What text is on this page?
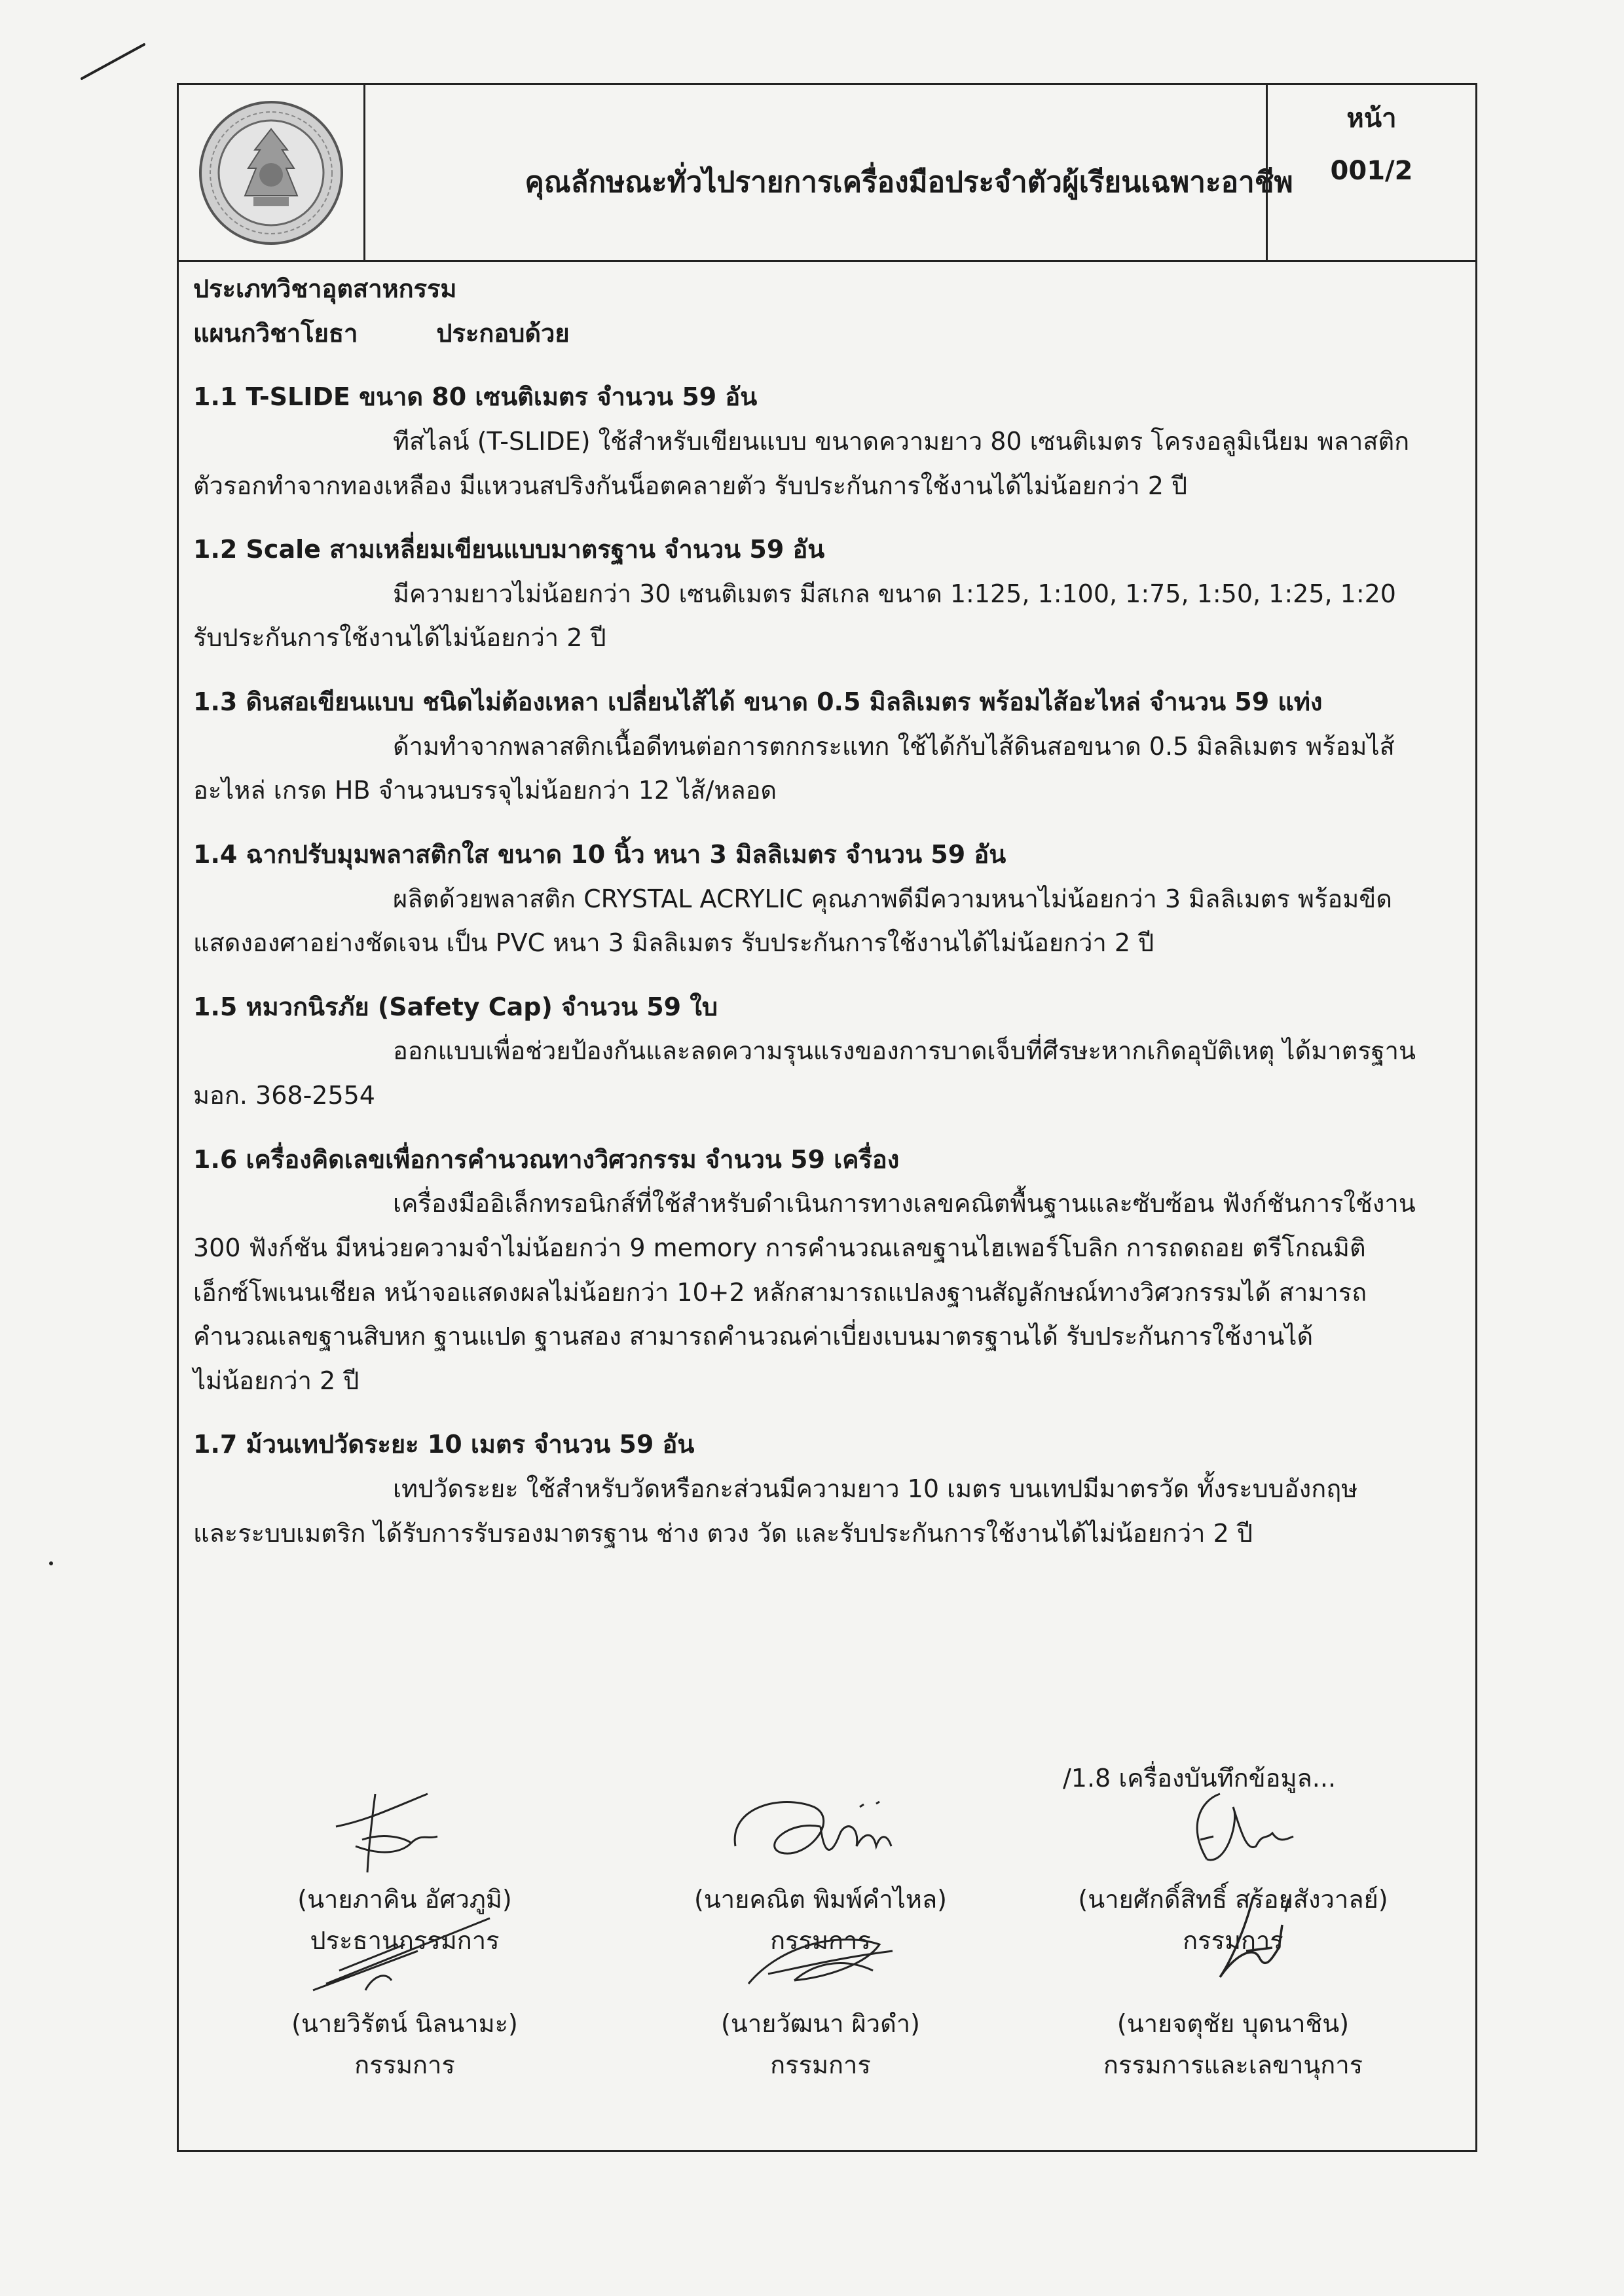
คุณลักษณะทั่วไปรายการเครื่องมือประจำตัวผู้เรียนเฉพาะอาชีพ
หน้า
001/2
ประเภทวิชาอุตสาหกรรม
แผนกวิชาโยธา	ประกอบด้วย
1.1 T-SLIDE ขนาด 80 เซนติเมตร จำนวน 59 อัน
ทีสไลน์ (T-SLIDE) ใช้สำหรับเขียนแบบ ขนาดความยาว 80 เซนติเมตร โครงอลูมิเนียม พลาสติก
ตัวรอกทำจากทองเหลือง มีแหวนสปริงกันน็อตคลายตัว รับประกันการใช้งานได้ไม่น้อยกว่า 2 ปี
1.2 Scale สามเหลี่ยมเขียนแบบมาตรฐาน จำนวน 59 อัน
มีความยาวไม่น้อยกว่า 30 เซนติเมตร มีสเกล ขนาด 1:125, 1:100, 1:75, 1:50, 1:25, 1:20
รับประกันการใช้งานได้ไม่น้อยกว่า 2 ปี
1.3 ดินสอเขียนแบบ ชนิดไม่ต้องเหลา เปลี่ยนไส้ได้ ขนาด 0.5 มิลลิเมตร พร้อมไส้อะไหล่ จำนวน 59 แท่ง
ด้ามทำจากพลาสติกเนื้อดีทนต่อการตกกระแทก ใช้ได้กับไส้ดินสอขนาด 0.5 มิลลิเมตร พร้อมไส้
อะไหล่ เกรด HB จำนวนบรรจุไม่น้อยกว่า 12 ไส้/หลอด
1.4 ฉากปรับมุมพลาสติกใส ขนาด 10 นิ้ว หนา 3 มิลลิเมตร จำนวน 59 อัน
ผลิตด้วยพลาสติก CRYSTAL ACRYLIC คุณภาพดีมีความหนาไม่น้อยกว่า 3 มิลลิเมตร พร้อมขีด
แสดงองศาอย่างชัดเจน เป็น PVC หนา 3 มิลลิเมตร รับประกันการใช้งานได้ไม่น้อยกว่า 2 ปี
1.5 หมวกนิรภัย (Safety Cap) จำนวน 59 ใบ
ออกแบบเพื่อช่วยป้องกันและลดความรุนแรงของการบาดเจ็บที่ศีรษะหากเกิดอุบัติเหตุ ได้มาตรฐาน
มอก. 368-2554
1.6 เครื่องคิดเลขเพื่อการคำนวณทางวิศวกรรม จำนวน 59 เครื่อง
เครื่องมืออิเล็กทรอนิกส์ที่ใช้สำหรับดำเนินการทางเลขคณิตพื้นฐานและซับซ้อน ฟังก์ชันการใช้งาน
300 ฟังก์ชัน มีหน่วยความจำไม่น้อยกว่า 9 memory การคำนวณเลขฐานไฮเพอร์โบลิก การถดถอย ตรีโกณมิติ
เอ็กซ์โพเนนเชียล หน้าจอแสดงผลไม่น้อยกว่า 10+2 หลักสามารถแปลงฐานสัญลักษณ์ทางวิศวกรรมได้ สามารถ
คำนวณเลขฐานสิบหก ฐานแปด ฐานสอง สามารถคำนวณค่าเบี่ยงเบนมาตรฐานได้ รับประกันการใช้งานได้
ไม่น้อยกว่า 2 ปี
1.7 ม้วนเทปวัดระยะ 10 เมตร จำนวน 59 อัน
เทปวัดระยะ ใช้สำหรับวัดหรือกะส่วนมีความยาว 10 เมตร บนเทปมีมาตรวัด ทั้งระบบอังกฤษ
และระบบเมตริก ได้รับการรับรองมาตรฐาน ช่าง ตวง วัด และรับประกันการใช้งานได้ไม่น้อยกว่า 2 ปี
/1.8 เครื่องบันทึกข้อมูล...
(นายภาคิน อัศวภูมิ)
ประธานกรรมการ
(นายคณิต พิมพ์คำไหล)
กรรมการ
(นายศักดิ์สิทธิ์ สร้อยสังวาลย์)
กรรมการ
(นายวิรัตน์ นิลนามะ)
กรรมการ
(นายวัฒนา ผิวดำ)
กรรมการ
(นายจตุชัย บุดนาชิน)
กรรมการและเลขานุการ
